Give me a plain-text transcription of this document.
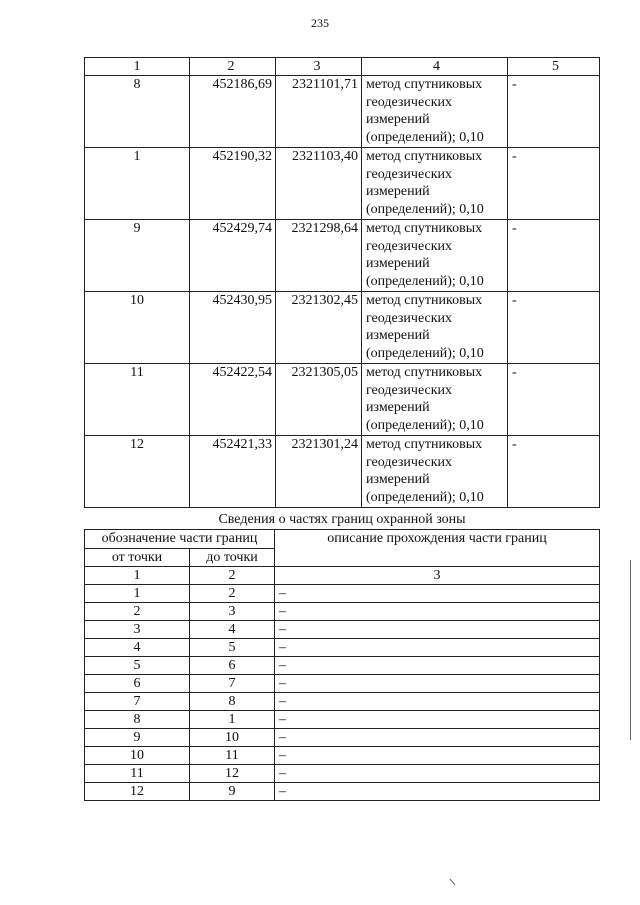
235
1	2	3	4	5
8	452186,69	2321101,71	метод спутниковых геодезических измерений (определений); 0,10	-
1	452190,32	2321103,40	метод спутниковых геодезических измерений (определений); 0,10	-
9	452429,74	2321298,64	метод спутниковых геодезических измерений (определений); 0,10	-
10	452430,95	2321302,45	метод спутниковых геодезических измерений (определений); 0,10	-
11	452422,54	2321305,05	метод спутниковых геодезических измерений (определений); 0,10	-
12	452421,33	2321301,24	метод спутниковых геодезических измерений (определений); 0,10	-
Сведения о частях границ охранной зоны
обозначение части границ		описание прохождения части границ
от точки	до точки	
1	2	3
1	2	–
2	3	–
3	4	–
4	5	–
5	6	–
6	7	–
7	8	–
8	1	–
9	10	–
10	11	–
11	12	–
12	9	–
